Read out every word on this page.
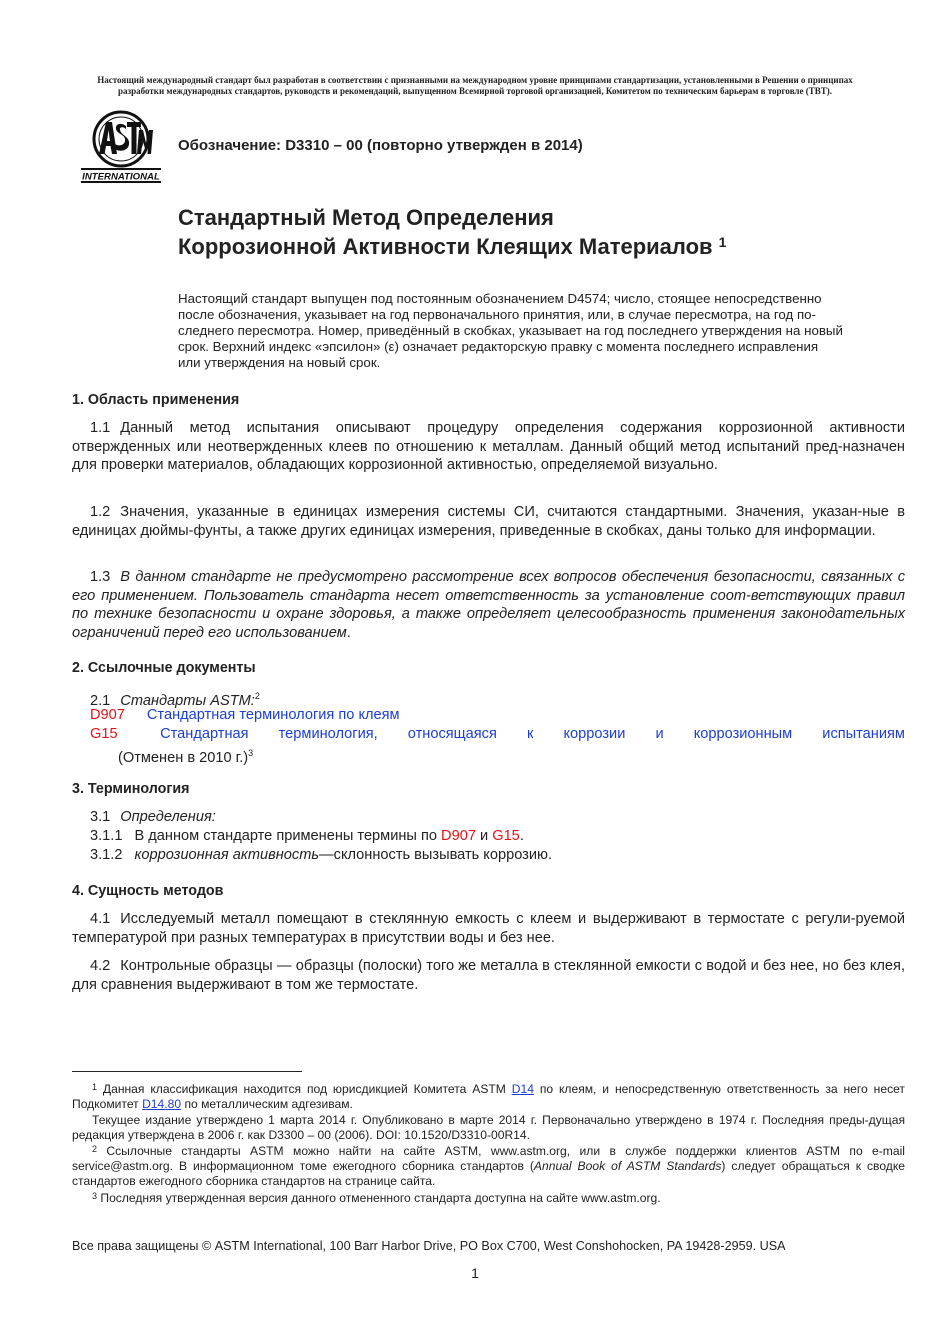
Настоящий международный стандарт был разработан в соответствии с признанными на международном уровне принципами стандартизации, установленными в Решении о принципах
разработки международных стандартов, руководств и рекомендаций, выпущенном Всемирной торговой организацией, Комитетом по техническим барьерам в торговле (TBT).
INTERNATIONAL
Обозначение: D3310 – 00 (повторно утвержден в 2014)
Стандартный Метод Определения
Коррозионной Активности Клеящих Материалов $^1$
Настоящий стандарт выпущен под постоянным обозначением D4574; число, стоящее непосредственно
после обозначения, указывает на год первоначального принятия, или, в случае пересмотра, на год по-
следнего пересмотра. Номер, приведённый в скобках, указывает на год последнего утверждения на новый
срок. Верхний индекс «эпсилон» (ε) означает редакторскую правку с момента последнего исправления
или утверждения на новый срок.
1. Область применения
1.1 Данный метод испытания описывают процедуру определения содержания коррозионной активности отвержденных или неотвержденных клеев по отношению к металлам. Данный общий метод испытаний пред-назначен для проверки материалов, обладающих коррозионной активностью, определяемой визуально.
1.2 Значения, указанные в единицах измерения системы СИ, считаются стандартными. Значения, указан-ные в единицах дюймы-фунты, а также других единицах измерения, приведенные в скобках, даны только для информации.
1.3 В данном стандарте не предусмотрено рассмотрение всех вопросов обеспечения безопасности, связанных с его применением. Пользователь стандарта несет ответственность за установление соот-ветствующих правил по технике безопасности и охране здоровья, а также определяет целесообразность применения законодательных ограничений перед его использованием.
2. Ссылочные документы
2.1 Стандарты ASTM:$^2$
D907 Стандартная терминология по клеям
G15	Стандартная терминология, относящаяся к коррозии и коррозионным испытаниям
(Отменен в 2010 г.)$^3$
3. Терминология
3.1 Определения:
3.1.1 В данном стандарте применены термины по D907 и G15.
3.1.2 коррозионная активность—склонность вызывать коррозию.
4. Сущность методов
4.1 Исследуемый металл помещают в стеклянную емкость с клеем и выдерживают в термостате с регули-руемой температурой при разных температурах в присутствии воды и без нее.
4.2 Контрольные образцы — образцы (полоски) того же металла в стеклянной емкости с водой и без нее, но без клея, для сравнения выдерживают в том же термостате.
$^1$ Данная классификация находится под юрисдикцией Комитета ASTM D14 по клеям, и непосредственную ответственность за него несет Подкомитет D14.80 по металлическим адгезивам.
Текущее издание утверждено 1 марта 2014 г. Опубликовано в марте 2014 г. Первоначально утверждено в 1974 г. Последняя преды-дущая редакция утверждена в 2006 г. как D3300 – 00 (2006). DOI: 10.1520/D3310-00R14.
$^2$ Ссылочные стандарты ASTM можно найти на сайте ASTM, www.astm.org, или в службе поддержки клиентов ASTM по e-mail service@astm.org. В информационном томе ежегодного сборника стандартов (Annual Book of ASTM Standards) следует обращаться к сводке стандартов ежегодного сборника стандартов на странице сайта.
$^3$ Последняя утвержденная версия данного отмененного стандарта доступна на сайте www.astm.org.
Все права защищены © ASTM International, 100 Barr Harbor Drive, PO Box C700, West Conshohocken, PA 19428-2959. USA
1
